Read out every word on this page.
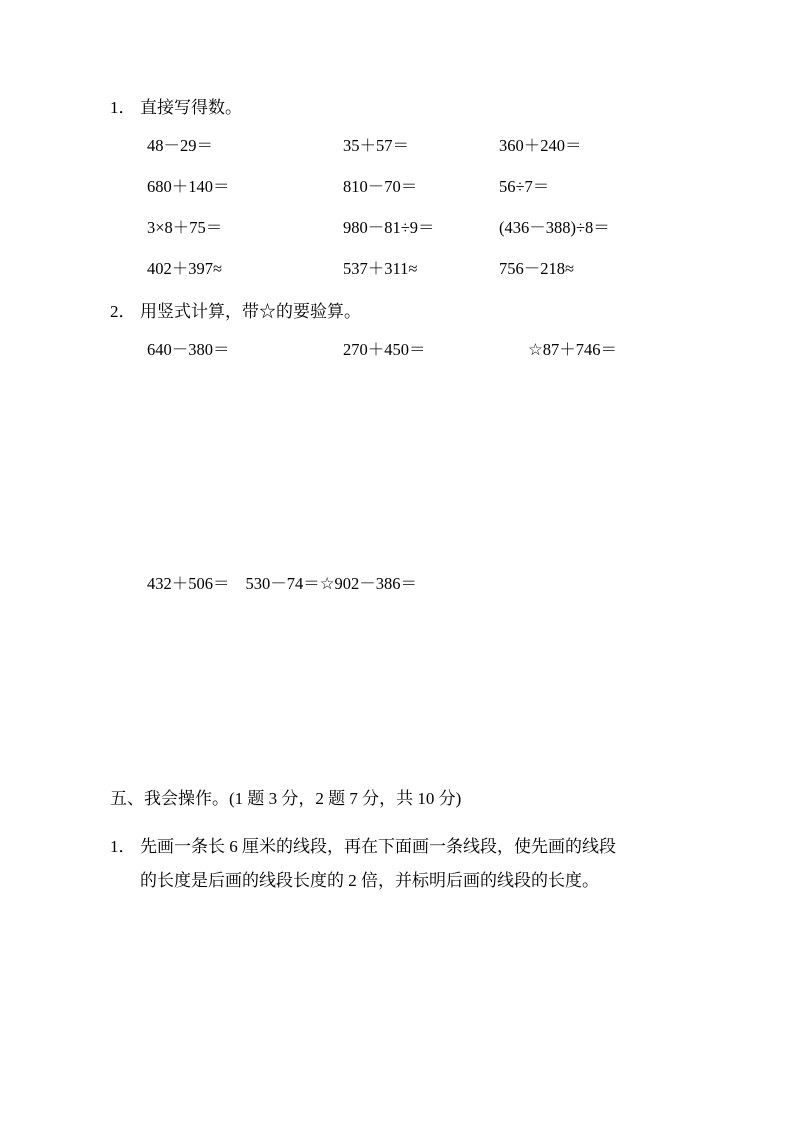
1． 直接写得数。
48－29＝	35＋57＝	360＋240＝
680＋140＝	810－70＝	56÷7＝
3×8＋75＝	980－81÷9＝	(436－388)÷8＝
402＋397≈	537＋311≈	756－218≈
2． 用竖式计算，带☆的要验算。
640－380＝	270＋450＝	☆87＋746＝
432＋506＝ 530－74＝☆902－386＝
五、我会操作。(1 题 3 分，2 题 7 分，共 10 分)
1． 先画一条长 6 厘米的线段，再在下面画一条线段，使先画的线段
的长度是后画的线段长度的 2 倍，并标明后画的线段的长度。
